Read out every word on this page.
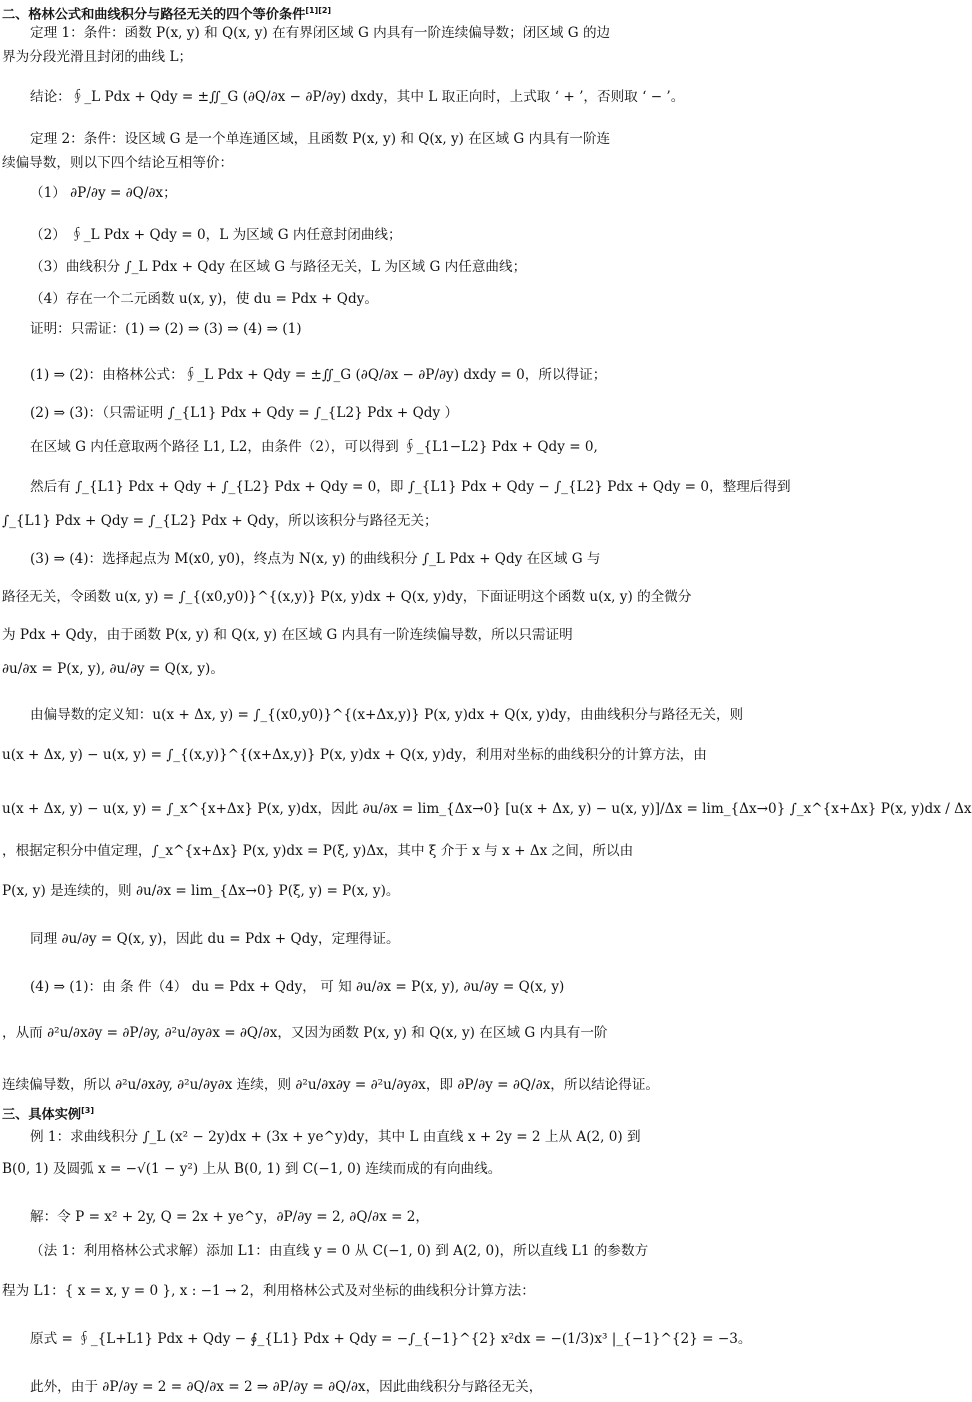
二、格林公式和曲线积分与路径无关的四个等价条件[1][2]
定理 1：条件：函数 P(x, y) 和 Q(x, y) 在有界闭区域 G 内具有一阶连续偏导数；闭区域 G 的边
界为分段光滑且封闭的曲线 L；
结论：∮_L Pdx + Qdy = ±∬_G (∂Q/∂x − ∂P/∂y) dxdy，其中 L 取正向时，上式取 ‘ + ’，否则取 ‘ − ’。
定理 2：条件：设区域 G 是一个单连通区域，且函数 P(x, y) 和 Q(x, y) 在区域 G 内具有一阶连
续偏导数，则以下四个结论互相等价：
（1） ∂P/∂y = ∂Q/∂x；
（2） ∮_L Pdx + Qdy = 0，L 为区域 G 内任意封闭曲线；
（3）曲线积分 ∫_L Pdx + Qdy 在区域 G 与路径无关，L 为区域 G 内任意曲线；
（4）存在一个二元函数 u(x, y)，使 du = Pdx + Qdy。
证明：只需证：(1) ⇒ (2) ⇒ (3) ⇒ (4) ⇒ (1)
(1) ⇒ (2)：由格林公式：∮_L Pdx + Qdy = ±∬_G (∂Q/∂x − ∂P/∂y) dxdy = 0，所以得证；
(2) ⇒ (3)：（只需证明 ∫_{L1} Pdx + Qdy = ∫_{L2} Pdx + Qdy ）
在区域 G 内任意取两个路径 L1, L2，由条件（2），可以得到 ∮_{L1−L2} Pdx + Qdy = 0,
然后有 ∫_{L1} Pdx + Qdy + ∫_{L2} Pdx + Qdy = 0，即 ∫_{L1} Pdx + Qdy − ∫_{L2} Pdx + Qdy = 0，整理后得到
∫_{L1} Pdx + Qdy = ∫_{L2} Pdx + Qdy，所以该积分与路径无关；
(3) ⇒ (4)：选择起点为 M(x0, y0)，终点为 N(x, y) 的曲线积分 ∫_L Pdx + Qdy 在区域 G 与
路径无关，令函数 u(x, y) = ∫_{(x0,y0)}^{(x,y)} P(x, y)dx + Q(x, y)dy，下面证明这个函数 u(x, y) 的全微分
为 Pdx + Qdy，由于函数 P(x, y) 和 Q(x, y) 在区域 G 内具有一阶连续偏导数，所以只需证明
∂u/∂x = P(x, y), ∂u/∂y = Q(x, y)。
由偏导数的定义知：u(x + Δx, y) = ∫_{(x0,y0)}^{(x+Δx,y)} P(x, y)dx + Q(x, y)dy，由曲线积分与路径无关，则
u(x + Δx, y) − u(x, y) = ∫_{(x,y)}^{(x+Δx,y)} P(x, y)dx + Q(x, y)dy，利用对坐标的曲线积分的计算方法，由
u(x + Δx, y) − u(x, y) = ∫_x^{x+Δx} P(x, y)dx，因此 ∂u/∂x = lim_{Δx→0} [u(x + Δx, y) − u(x, y)]/Δx = lim_{Δx→0} ∫_x^{x+Δx} P(x, y)dx / Δx
，根据定积分中值定理，∫_x^{x+Δx} P(x, y)dx = P(ξ, y)Δx，其中 ξ 介于 x 与 x + Δx 之间，所以由
P(x, y) 是连续的，则 ∂u/∂x = lim_{Δx→0} P(ξ, y) = P(x, y)。
同理 ∂u/∂y = Q(x, y)，因此 du = Pdx + Qdy，定理得证。
(4) ⇒ (1)：由 条 件（4） du = Pdx + Qdy， 可 知 ∂u/∂x = P(x, y), ∂u/∂y = Q(x, y)
，从而 ∂²u/∂x∂y = ∂P/∂y, ∂²u/∂y∂x = ∂Q/∂x，又因为函数 P(x, y) 和 Q(x, y) 在区域 G 内具有一阶
连续偏导数，所以 ∂²u/∂x∂y, ∂²u/∂y∂x 连续，则 ∂²u/∂x∂y = ∂²u/∂y∂x，即 ∂P/∂y = ∂Q/∂x，所以结论得证。
三、具体实例[3]
例 1：求曲线积分 ∫_L (x² − 2y)dx + (3x + ye^y)dy，其中 L 由直线 x + 2y = 2 上从 A(2, 0) 到
B(0, 1) 及圆弧 x = −√(1 − y²) 上从 B(0, 1) 到 C(−1, 0) 连续而成的有向曲线。
解：令 P = x² + 2y, Q = 2x + ye^y，∂P/∂y = 2, ∂Q/∂x = 2，
（法 1：利用格林公式求解）添加 L1：由直线 y = 0 从 C(−1, 0) 到 A(2, 0)，所以直线 L1 的参数方
程为 L1：{ x = x, y = 0 }, x : −1 → 2，利用格林公式及对坐标的曲线积分计算方法：
原式 = ∮_{L+L1} Pdx + Qdy − ∮_{L1} Pdx + Qdy = −∫_{−1}^{2} x²dx = −(1/3)x³ |_{−1}^{2} = −3。
此外，由于 ∂P/∂y = 2 = ∂Q/∂x = 2 ⇒ ∂P/∂y = ∂Q/∂x，因此曲线积分与路径无关，
